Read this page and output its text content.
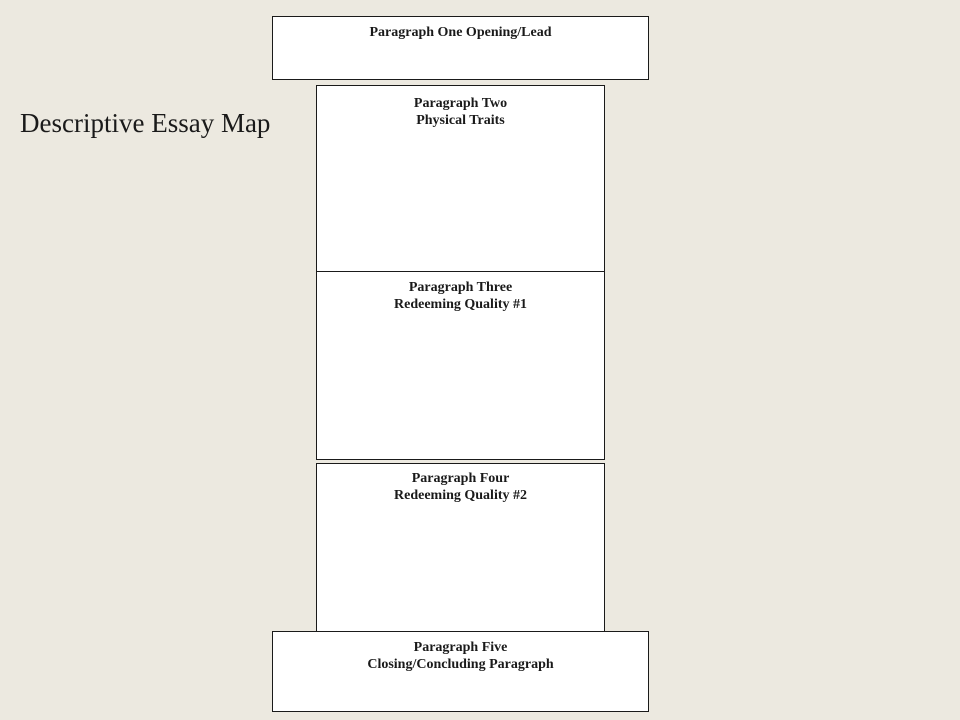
Descriptive Essay Map
Paragraph One Opening/Lead
Paragraph Two
Physical Traits
Paragraph Three
Redeeming Quality #1
Paragraph Four
Redeeming Quality #2
Paragraph Five
Closing/Concluding Paragraph
